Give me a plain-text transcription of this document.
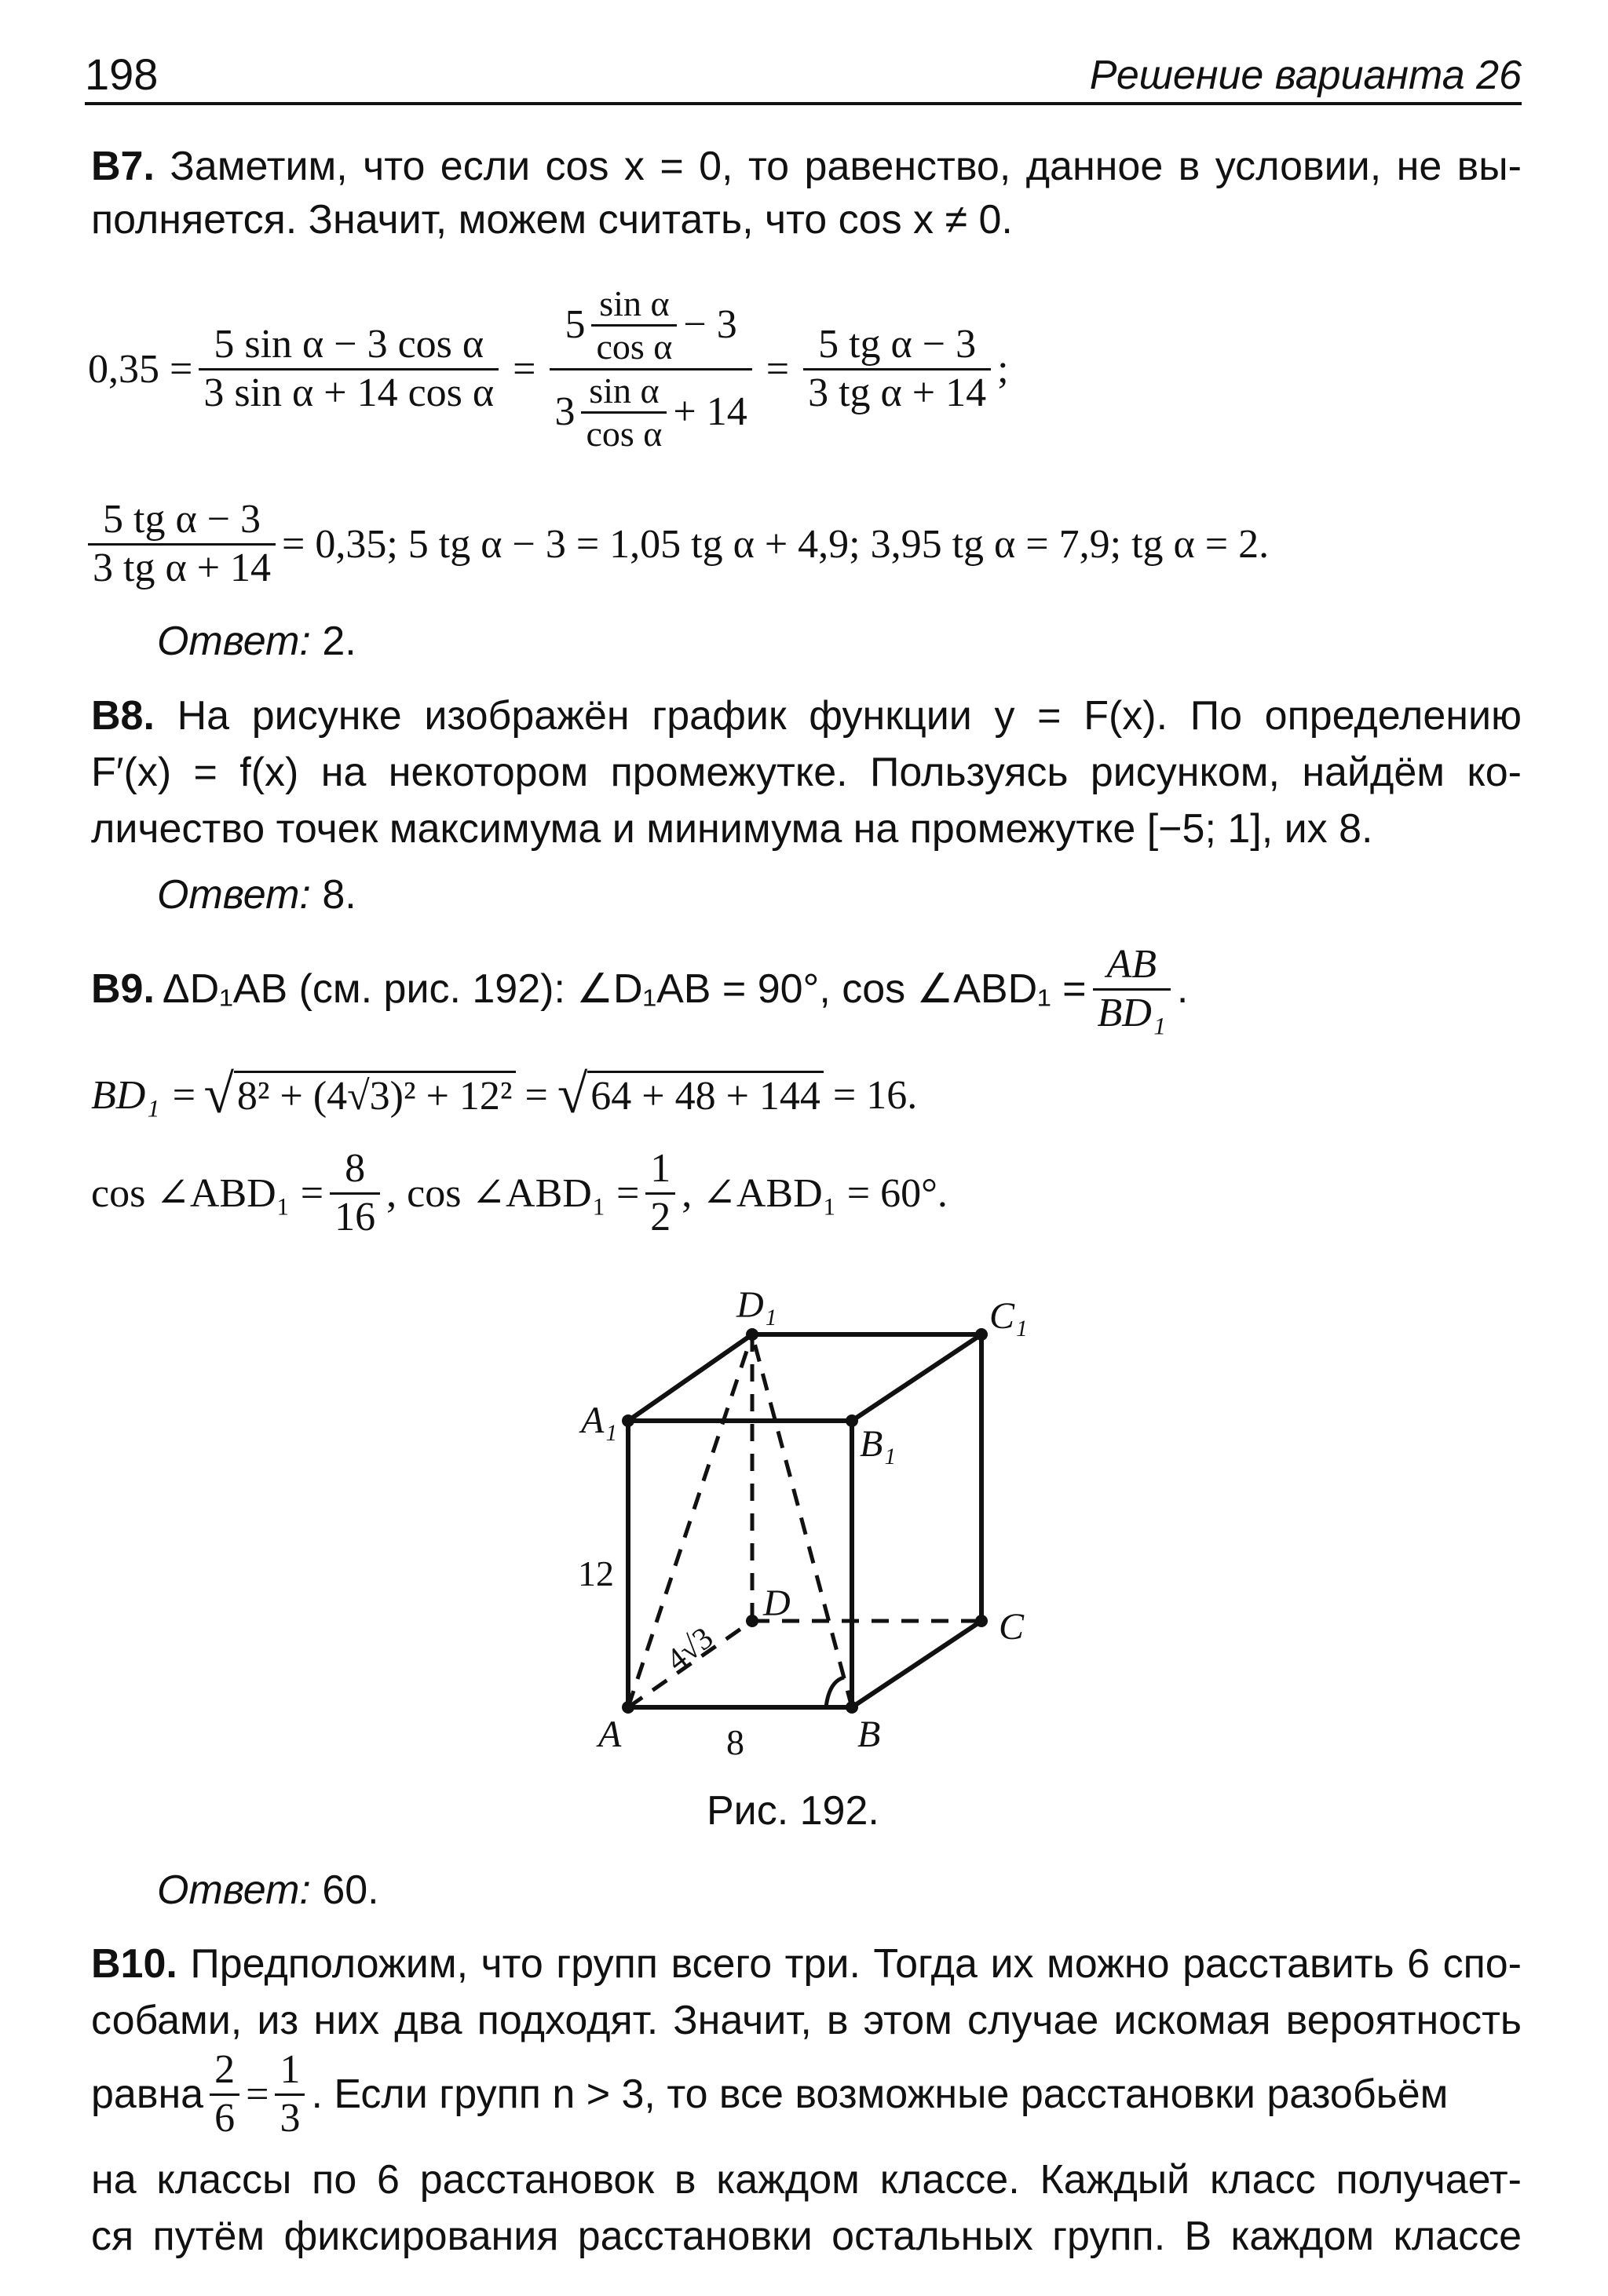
198	Решение варианта 26
B7. Заметим, что если cos x = 0, то равенство, данное в условии, не вы-
полняется. Значит, можем считать, что cos x ≠ 0.
$0,35 = \frac{\text{5 sin α − 3 cos α}}{\text{3 sin α + 14 cos α}}$ =
$5 \frac{\text{sin α}}{\text{cos α}} - 3$
$3 \frac{\text{sin α}}{\text{cos α}} + 14$
= $\frac{\text{5 tg α − 3}}{\text{3 tg α + 14}}$ ;
$\frac{\text{5 tg α − 3}}{\text{3 tg α + 14}} = 0,35$; 5 tg α − 3 = 1,05 tg α + 4,9; 3,95 tg α = 7,9; tg α = 2.
Ответ: 2.
B8. На рисунке изображён график функции y = F(x). По определению
F′(x) = f(x) на некотором промежутке. Пользуясь рисунком, найдём ко-
личество точек максимума и минимума на промежутке [−5; 1], их 8.
Ответ: 8.
B9. ΔD₁AB (см. рис. 192): ∠D₁AB = 90°, cos ∠ABD₁ = $\frac{AB}{\text{BD₁}}$ .
BD₁ = √ 8² + (4√3)² + 12² = √ 64 + 48 + 144 = 16.
cos ∠ABD₁ = $\frac{8}{16}$ , cos ∠ABD₁ = $\frac{1}{2}$ , ∠ABD₁ = 60°.
D₁	C₁
A₁
B₁
D
C
A	B
12
8
4√3
Рис. 192.
Ответ: 60.
B10. Предположим, что групп всего три. Тогда их можно расставить 6 спо-
собами, из них два подходят. Значит, в этом случае искомая вероятность
равна $\frac{2}{6} = \frac{1}{3}$ . Если групп n > 3, то все возможные расстановки разобьём
на классы по 6 расстановок в каждом классе. Каждый класс получает-
ся путём фиксирования расстановки остальных групп. В каждом классе
